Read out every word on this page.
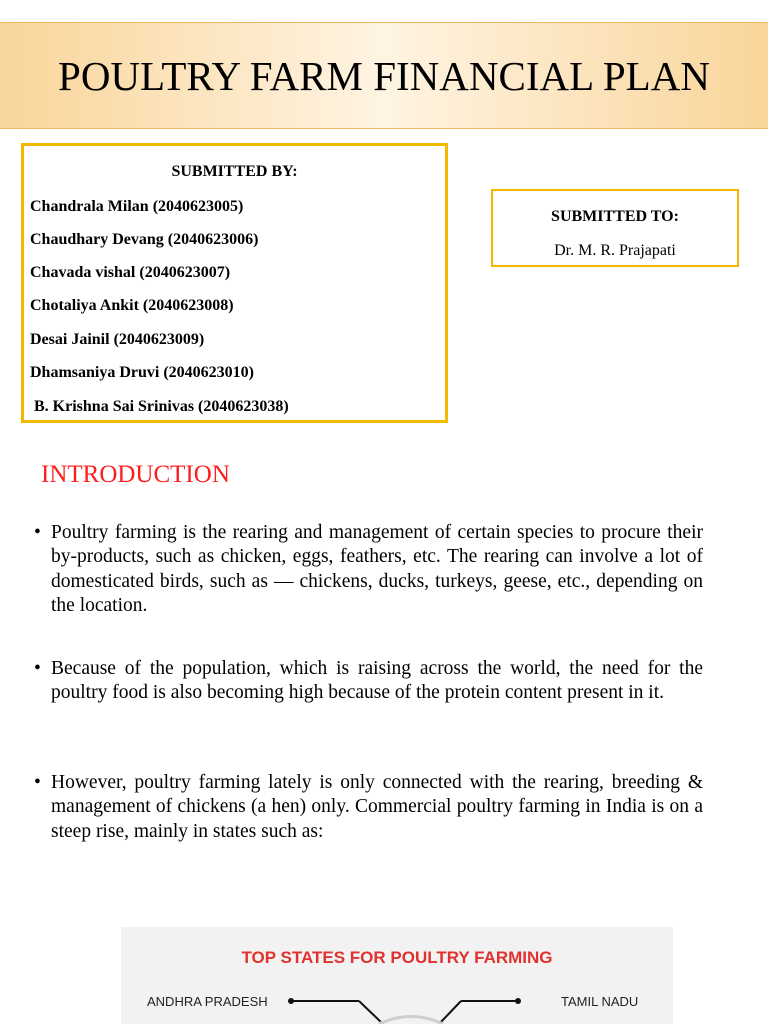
POULTRY FARM FINANCIAL PLAN
SUBMITTED BY:
Chandrala Milan (2040623005)
Chaudhary Devang (2040623006)
Chavada vishal (2040623007)
Chotaliya Ankit (2040623008)
Desai Jainil (2040623009)
Dhamsaniya Druvi (2040623010)
B. Krishna Sai Srinivas (2040623038)
SUBMITTED TO:
Dr. M. R. Prajapati
INTRODUCTION
• Poultry farming is the rearing and management of certain species to procure their by-products, such as chicken, eggs, feathers, etc. The rearing can involve a lot of domesticated birds, such as — chickens, ducks, turkeys, geese, etc., depending on the location.
• Because of the population, which is raising across the world, the need for the poultry food is also becoming high because of the protein content present in it.
• However, poultry farming lately is only connected with the rearing, breeding & management of chickens (a hen) only. Commercial poultry farming in India is on a steep rise, mainly in states such as:
TOP STATES FOR POULTRY FARMING
ANDHRA PRADESH	TAMIL NADU
